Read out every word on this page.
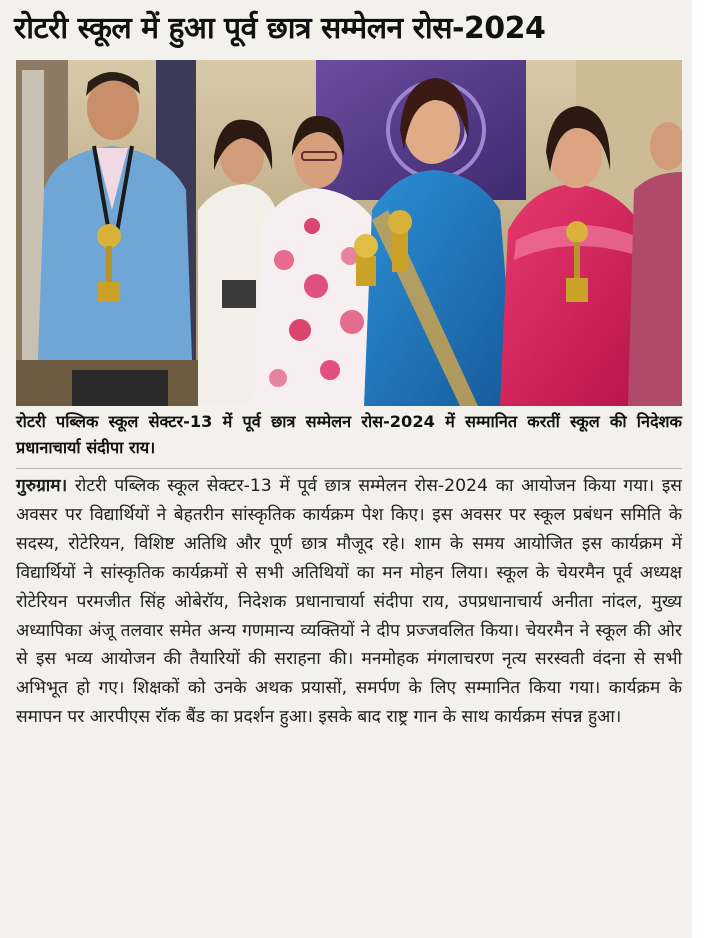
रोटरी स्कूल में हुआ पूर्व छात्र सम्मेलन रोस-2024
रोटरी पब्लिक स्कूल सेक्टर-13 में पूर्व छात्र सम्मेलन रोस-2024 में सम्मानित करतीं स्कूल की निदेशक प्रधानाचार्या संदीपा राय।
गुरुग्राम। रोटरी पब्लिक स्कूल सेक्टर-13 में पूर्व छात्र सम्मेलन रोस-2024 का आयोजन किया गया। इस अवसर पर विद्यार्थियों ने बेहतरीन सांस्कृतिक कार्यक्रम पेश किए। इस अवसर पर स्कूल प्रबंधन समिति के सदस्य, रोटेरियन, विशिष्ट अतिथि और पूर्ण छात्र मौजूद रहे। शाम के समय आयोजित इस कार्यक्रम में विद्यार्थियों ने सांस्कृतिक कार्यक्रमों से सभी अतिथियों का मन मोहन लिया। स्कूल के चेयरमैन पूर्व अध्यक्ष रोटेरियन परमजीत सिंह ओबेरॉय, निदेशक प्रधानाचार्या संदीपा राय, उपप्रधानाचार्य अनीता नांदल, मुख्य अध्यापिका अंजू तलवार समेत अन्य गणमान्य व्यक्तियों ने दीप प्रज्जवलित किया। चेयरमैन ने स्कूल की ओर से इस भव्य आयोजन की तैयारियों की सराहना की। मनमोहक मंगलाचरण नृत्य सरस्वती वंदना से सभी अभिभूत हो गए। शिक्षकों को उनके अथक प्रयासों, समर्पण के लिए सम्मानित किया गया। कार्यक्रम के समापन पर आरपीएस रॉक बैंड का प्रदर्शन हुआ। इसके बाद राष्ट्र गान के साथ कार्यक्रम संपन्न हुआ।
